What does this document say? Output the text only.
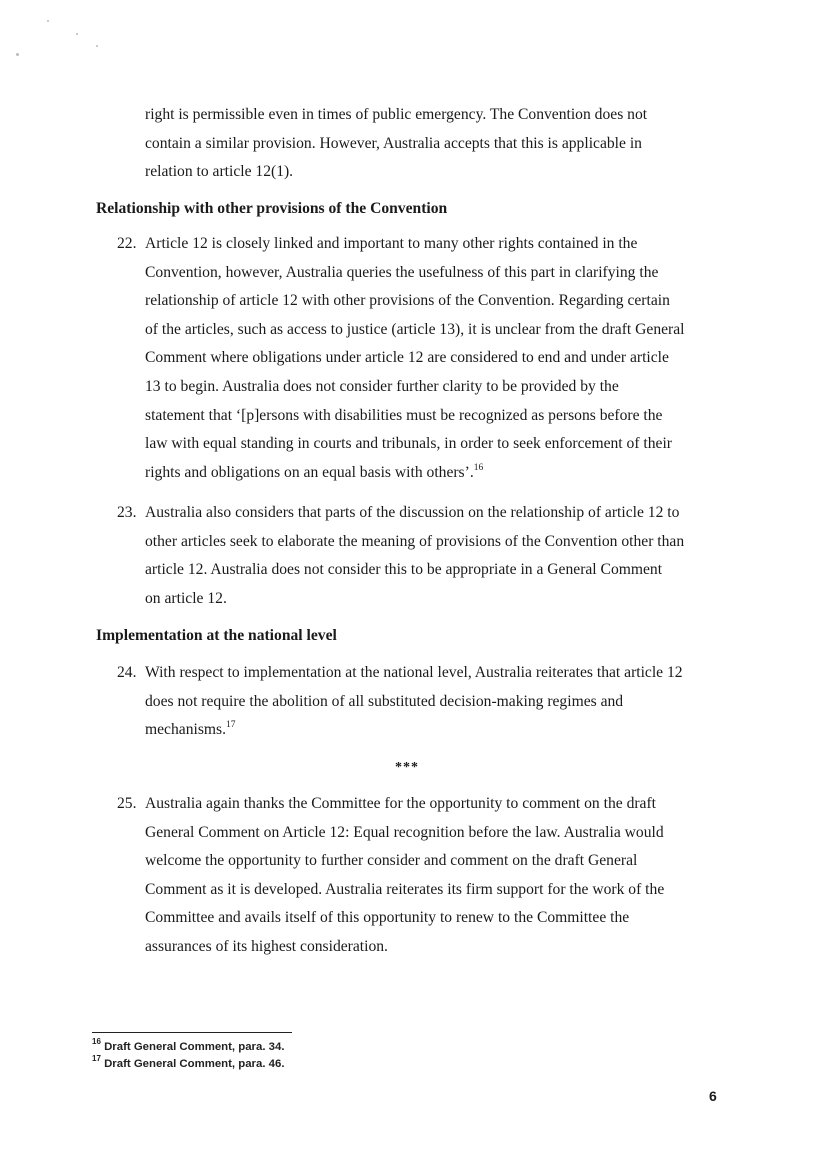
right is permissible even in times of public emergency. The Convention does not
contain a similar provision. However, Australia accepts that this is applicable in
relation to article 12(1).
Relationship with other provisions of the Convention
22. Article 12 is closely linked and important to many other rights contained in the
Convention, however, Australia queries the usefulness of this part in clarifying the
relationship of article 12 with other provisions of the Convention. Regarding certain
of the articles, such as access to justice (article 13), it is unclear from the draft General
Comment where obligations under article 12 are considered to end and under article
13 to begin. Australia does not consider further clarity to be provided by the
statement that ‘[p]ersons with disabilities must be recognized as persons before the
law with equal standing in courts and tribunals, in order to seek enforcement of their
rights and obligations on an equal basis with others’.$^{16}$
23. Australia also considers that parts of the discussion on the relationship of article 12 to
other articles seek to elaborate the meaning of provisions of the Convention other than
article 12. Australia does not consider this to be appropriate in a General Comment
on article 12.
Implementation at the national level
24. With respect to implementation at the national level, Australia reiterates that article 12
does not require the abolition of all substituted decision-making regimes and
mechanisms.$^{17}$
***
25. Australia again thanks the Committee for the opportunity to comment on the draft
General Comment on Article 12: Equal recognition before the law. Australia would
welcome the opportunity to further consider and comment on the draft General
Comment as it is developed. Australia reiterates its firm support for the work of the
Committee and avails itself of this opportunity to renew to the Committee the
assurances of its highest consideration.
$^{16}$ Draft General Comment, para. 34.
$^{17}$ Draft General Comment, para. 46.
6
